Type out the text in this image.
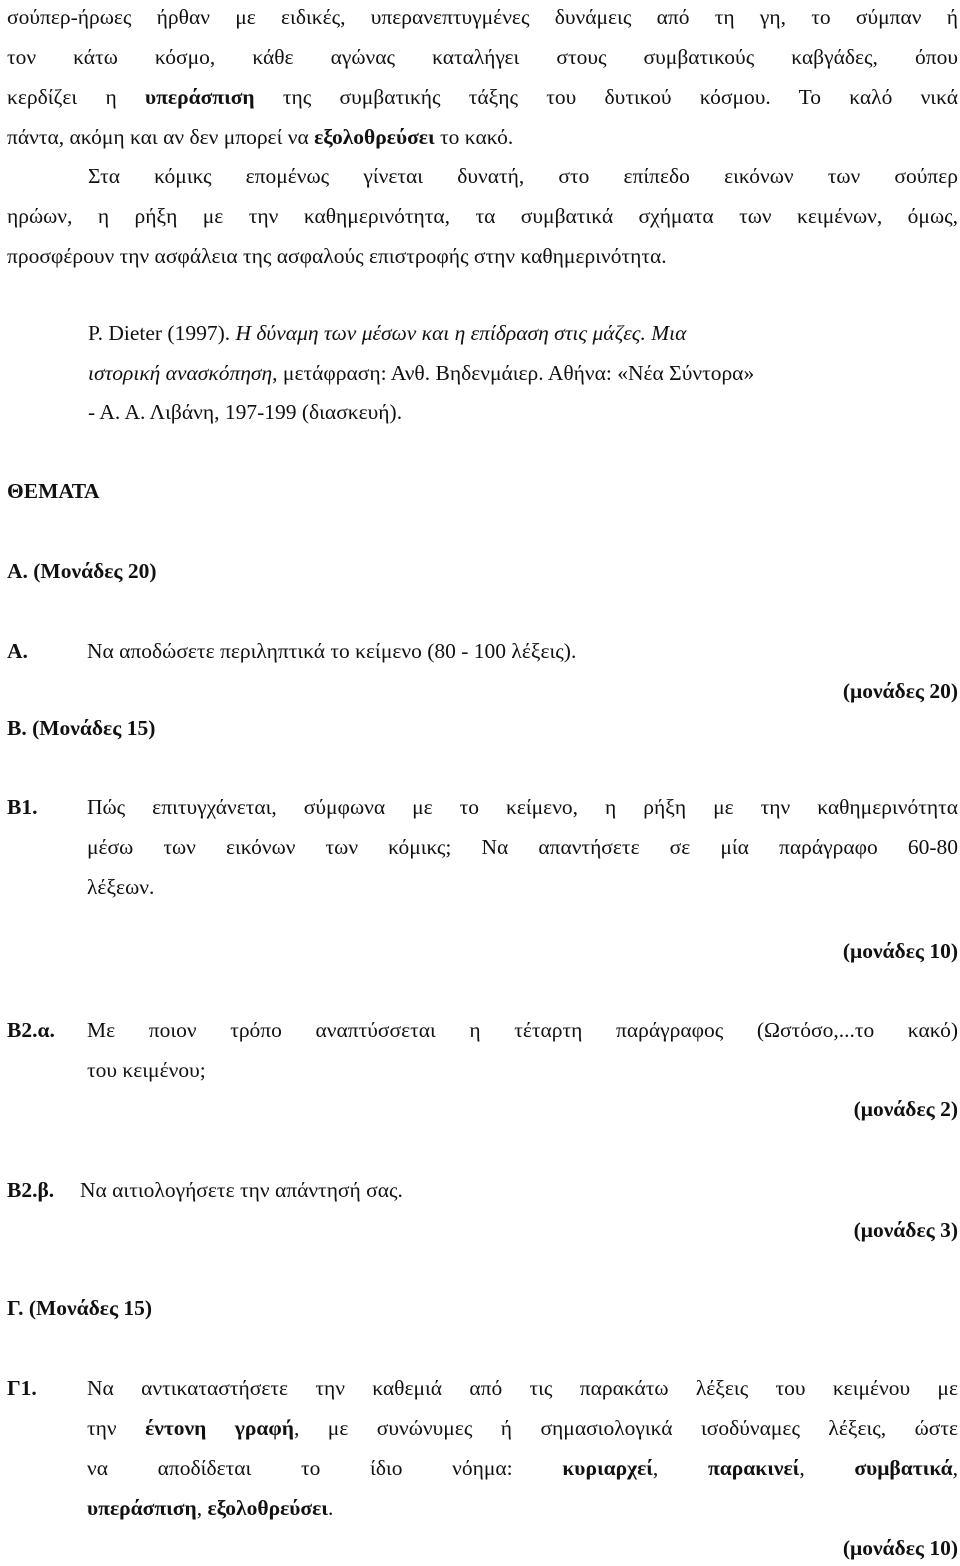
σούπερ-ήρωες ήρθαν με ειδικές, υπερανεπτυγμένες δυνάμεις από τη γη, το σύμπαν ή
τον κάτω κόσμο, κάθε αγώνας καταλήγει στους συμβατικούς καβγάδες, όπου
κερδίζει η υπεράσπιση της συμβατικής τάξης του δυτικού κόσμου. Το καλό νικά
πάντα, ακόμη και αν δεν μπορεί να εξολοθρεύσει το κακό.
Στα κόμικς επομένως γίνεται δυνατή, στο επίπεδο εικόνων των σούπερ
ηρώων, η ρήξη με την καθημερινότητα, τα συμβατικά σχήματα των κειμένων, όμως,
προσφέρουν την ασφάλεια της ασφαλούς επιστροφής στην καθημερινότητα.
P. Dieter (1997). Η δύναμη των μέσων και η επίδραση στις μάζες. Μια
ιστορική ανασκόπηση, μετάφραση: Ανθ. Βηδενμάιερ. Αθήνα: «Νέα Σύντορα»
- Α. Α. Λιβάνη, 197-199 (διασκευή).
ΘΕΜΑΤΑ
Α. (Μονάδες 20)
Α.	Να αποδώσετε περιληπτικά το κείμενο (80 - 100 λέξεις).
(μονάδες 20)
Β. (Μονάδες 15)
Β1. Πώς επιτυγχάνεται, σύμφωνα με το κείμενο, η ρήξη με την καθημερινότητα
μέσω των εικόνων των κόμικς; Να απαντήσετε σε μία παράγραφο 60-80
λέξεων.
(μονάδες 10)
Β2.α. Με ποιον τρόπο αναπτύσσεται η τέταρτη παράγραφος (Ωστόσο,...το κακό)
του κειμένου;
(μονάδες 2)
Β2.β. Να αιτιολογήσετε την απάντησή σας.
(μονάδες 3)
Γ. (Μονάδες 15)
Γ1. Να αντικαταστήσετε την καθεμιά από τις παρακάτω λέξεις του κειμένου με
την έντονη γραφή, με συνώνυμες ή σημασιολογικά ισοδύναμες λέξεις, ώστε
να αποδίδεται το ίδιο νόημα: κυριαρχεί, παρακινεί, συμβατικά,
υπεράσπιση, εξολοθρεύσει.
(μονάδες 10)
